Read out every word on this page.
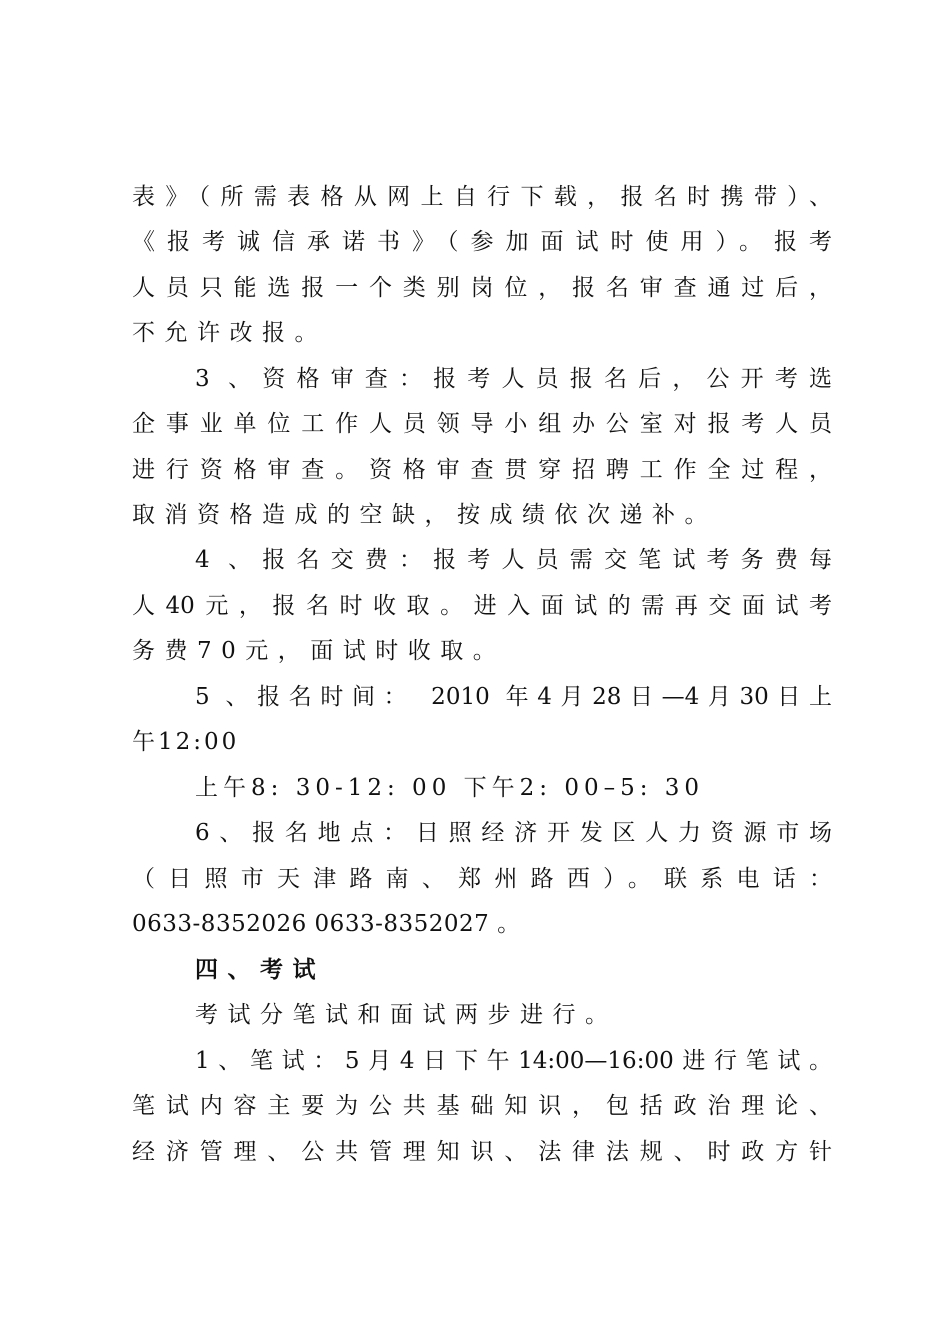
表》（所需表格从网上自行下载，报名时携带）、
《报考诚信承诺书》（参加面试时使用）。报考
人员只能选报一个类别岗位，报名审查通过后，
不允许改报。
3 、资格审查：报考人员报名后，公开考选
企事业单位工作人员领导小组办公室对报考人员
进行资格审查。资格审查贯穿招聘工作全过程，
取消资格造成的空缺，按成绩依次递补。
4 、报名交费：报考人员需交笔试考务费每
人40元，报名时收取。进入面试的需再交面试考
务费70元，面试时收取。
5 、报名时间： 2010 年4月28日—4月30日上
午12:00
上午8: 30-12: 00 下午2: 00–5: 30
6、报名地点：日照经济开发区人力资源市场
（日照市天津路南、郑州路西）。联系电话：
0633-8352026 0633-8352027 。
四、考试
考试分笔试和面试两步进行。
1、笔试：5月4日下午14:00—16:00进行笔试。
笔试内容主要为公共基础知识，包括政治理论、
经济管理、公共管理知识、法律法规、时政方针
